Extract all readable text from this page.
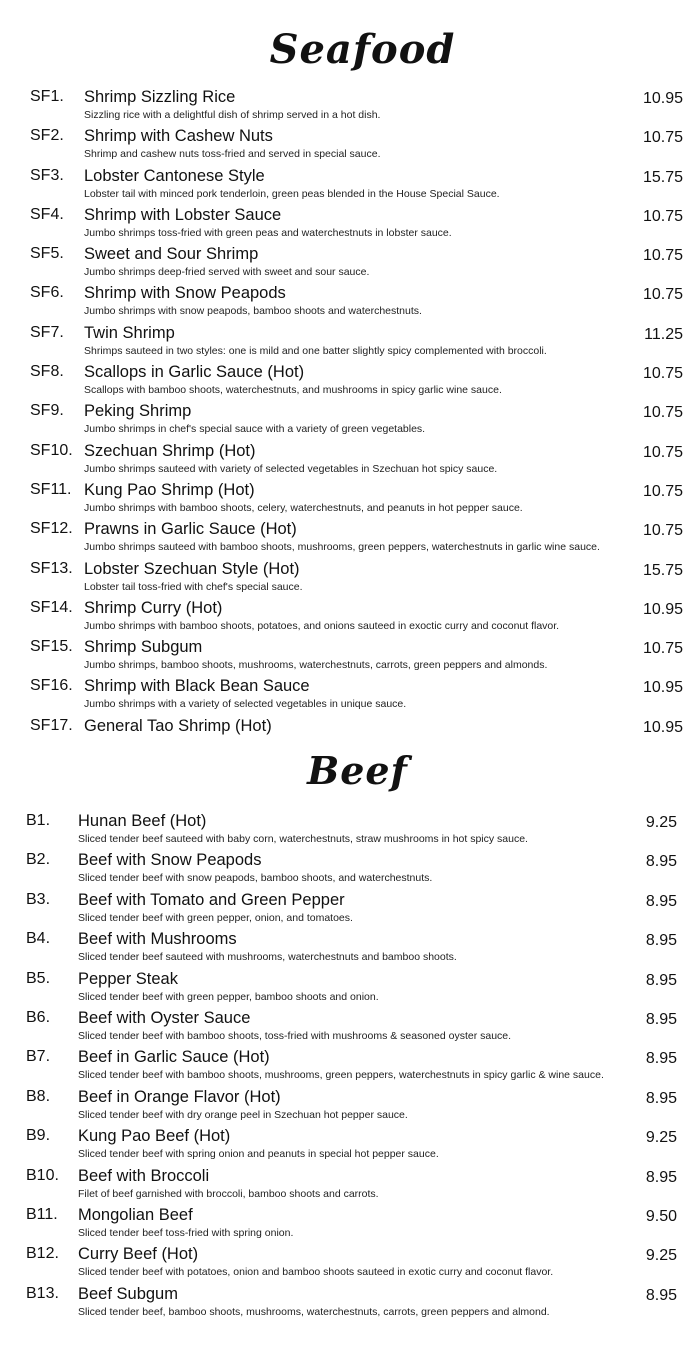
Seafood
SF1. Shrimp Sizzling Rice	10.95
Sizzling rice with a delightful dish of shrimp served in a hot dish.
SF2. Shrimp with Cashew Nuts	10.75
Shrimp and cashew nuts toss-fried and served in special sauce.
SF3. Lobster Cantonese Style	15.75
Lobster tail with minced pork tenderloin, green peas blended in the House Special Sauce.
SF4. Shrimp with Lobster Sauce	10.75
Jumbo shrimps toss-fried with green peas and waterchestnuts in lobster sauce.
SF5. Sweet and Sour Shrimp	10.75
Jumbo shrimps deep-fried served with sweet and sour sauce.
SF6. Shrimp with Snow Peapods	10.75
Jumbo shrimps with snow peapods, bamboo shoots and waterchestnuts.
SF7. Twin Shrimp	11.25
Shrimps sauteed in two styles: one is mild and one batter slightly spicy complemented with broccoli.
SF8. Scallops in Garlic Sauce (Hot)	10.75
Scallops with bamboo shoots, waterchestnuts, and mushrooms in spicy garlic wine sauce.
SF9. Peking Shrimp	10.75
Jumbo shrimps in chef's special sauce with a variety of green vegetables.
SF10. Szechuan Shrimp (Hot)	10.75
Jumbo shrimps sauteed with variety of selected vegetables in Szechuan hot spicy sauce.
SF11. Kung Pao Shrimp (Hot)	10.75
Jumbo shrimps with bamboo shoots, celery, waterchestnuts, and peanuts in hot pepper sauce.
SF12. Prawns in Garlic Sauce (Hot)	10.75
Jumbo shrimps sauteed with bamboo shoots, mushrooms, green peppers, waterchestnuts in garlic wine sauce.
SF13. Lobster Szechuan Style (Hot)	15.75
Lobster tail toss-fried with chef's special sauce.
SF14. Shrimp Curry (Hot)	10.95
Jumbo shrimps with bamboo shoots, potatoes, and onions sauteed in exoctic curry and coconut flavor.
SF15. Shrimp Subgum	10.75
Jumbo shrimps, bamboo shoots, mushrooms, waterchestnuts, carrots, green peppers and almonds.
SF16. Shrimp with Black Bean Sauce	10.95
Jumbo shrimps with a variety of selected vegetables in unique sauce.
SF17. General Tao Shrimp (Hot)	10.95
Beef
B1. Hunan Beef (Hot)	9.25
Sliced tender beef sauteed with baby corn, waterchestnuts, straw mushrooms in hot spicy sauce.
B2. Beef with Snow Peapods	8.95
Sliced tender beef with snow peapods, bamboo shoots, and waterchestnuts.
B3. Beef with Tomato and Green Pepper	8.95
Sliced tender beef with green pepper, onion, and tomatoes.
B4. Beef with Mushrooms	8.95
Sliced tender beef sauteed with mushrooms, waterchestnuts and bamboo shoots.
B5. Pepper Steak	8.95
Sliced tender beef with green pepper, bamboo shoots and onion.
B6. Beef with Oyster Sauce	8.95
Sliced tender beef with bamboo shoots, toss-fried with mushrooms & seasoned oyster sauce.
B7. Beef in Garlic Sauce (Hot)	8.95
Sliced tender beef with bamboo shoots, mushrooms, green peppers, waterchestnuts in spicy garlic & wine sauce.
B8. Beef in Orange Flavor (Hot)	8.95
Sliced tender beef with dry orange peel in Szechuan hot pepper sauce.
B9. Kung Pao Beef (Hot)	9.25
Sliced tender beef with spring onion and peanuts in special hot pepper sauce.
B10. Beef with Broccoli	8.95
Filet of beef garnished with broccoli, bamboo shoots and carrots.
B11. Mongolian Beef	9.50
Sliced tender beef toss-fried with spring onion.
B12. Curry Beef (Hot)	9.25
Sliced tender beef with potatoes, onion and bamboo shoots sauteed in exotic curry and coconut flavor.
B13. Beef Subgum	8.95
Sliced tender beef, bamboo shoots, mushrooms, waterchestnuts, carrots, green peppers and almond.
